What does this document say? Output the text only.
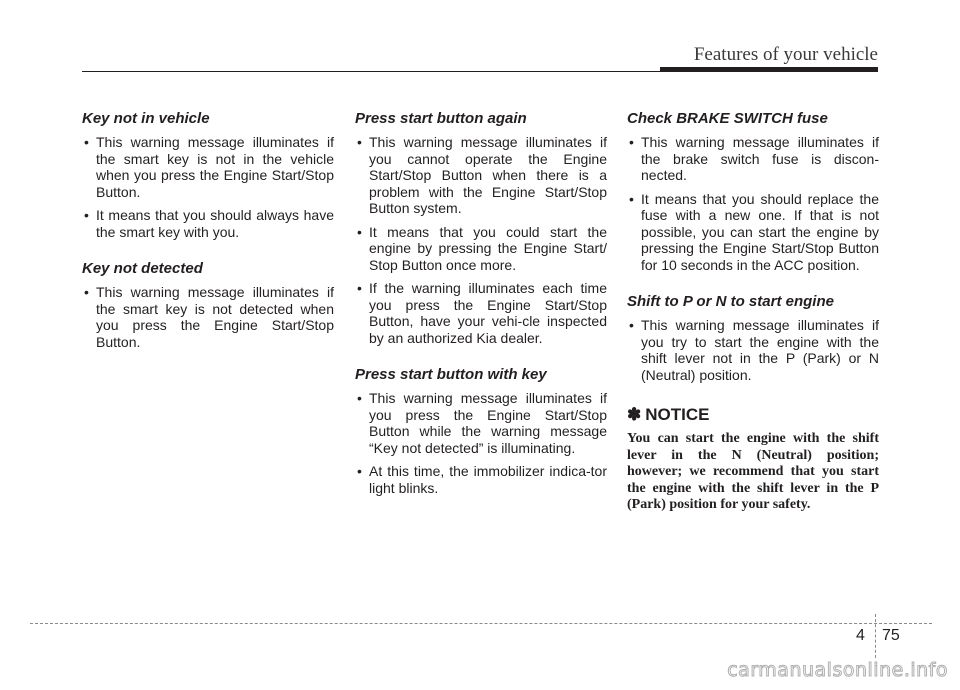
Features of your vehicle
Key not in vehicle
• This warning message illuminates if the smart key is not in the vehicle when you press the Engine Start/Stop Button.
• It means that you should always have the smart key with you.
Key not detected
• This warning message illuminates if the smart key is not detected when you press the Engine Start/Stop Button.
Press start button again
• This warning message illuminates if you cannot operate the Engine Start/Stop Button when there is a problem with the Engine Start/Stop Button system.
• It means that you could start the engine by pressing the Engine Start/ Stop Button once more.
• If the warning illuminates each time you press the Engine Start/Stop Button, have your vehi-cle inspected by an authorized Kia dealer.
Press start button with key
• This warning message illuminates if you press the Engine Start/Stop Button while the warning message “Key not detected” is illuminating.
• At this time, the immobilizer indica-tor light blinks.
Check BRAKE SWITCH fuse
• This warning message illuminates if the brake switch fuse is discon-nected.
• It means that you should replace the fuse with a new one. If that is not possible, you can start the engine by pressing the Engine Start/Stop Button for 10 seconds in the ACC position.
Shift to P or N to start engine
• This warning message illuminates if you try to start the engine with the shift lever not in the P (Park) or N (Neutral) position.
✽ NOTICE
You can start the engine with the shift lever in the N (Neutral) position; however; we recommend that you start the engine with the shift lever in the P (Park) position for your safety.
4 75
carmanualsonline.info
